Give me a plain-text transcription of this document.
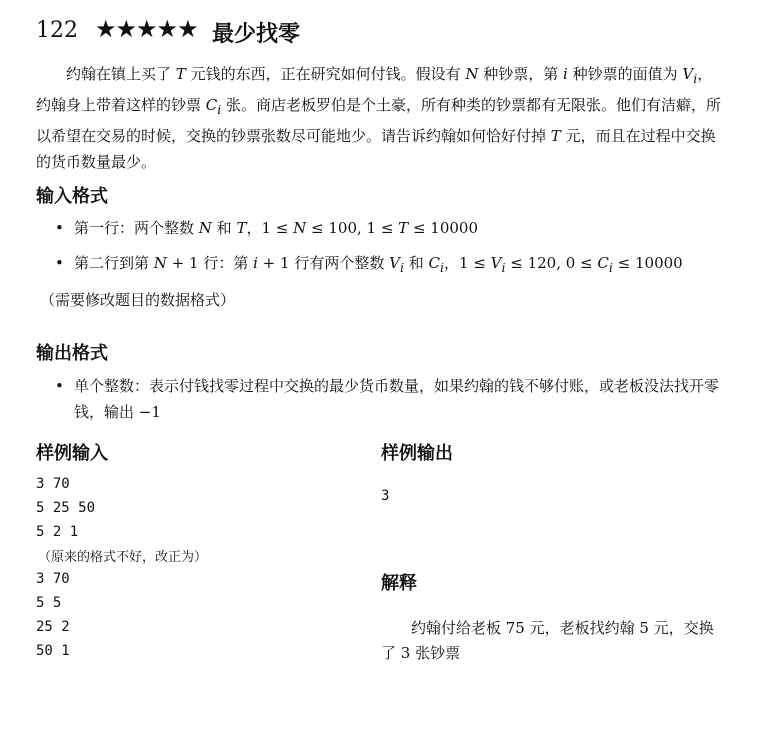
122 ★★★★★ 最少找零
约翰在镇上买了 T 元钱的东西，正在研究如何付钱。假设有 N 种钞票，第 i 种钞票的面值为 $V_i$，约翰身上带着这样的钞票 $C_i$ 张。商店老板罗伯是个土豪，所有种类的钞票都有无限张。他们有洁癖，所以希望在交易的时候，交换的钞票张数尽可能地少。请告诉约翰如何恰好付掉 T 元，而且在过程中交换的货币数量最少。
输入格式
• 第一行：两个整数 N 和 T，1 ≤ N ≤ 100, 1 ≤ T ≤ 10000
• 第二行到第 N + 1 行：第 i + 1 行有两个整数 $V_i$ 和 $C_i$，$1 \le V_i \le 120$, $0 \le C_i \le 10000$
（需要修改题目的数据格式）
输出格式
• 单个整数：表示付钱找零过程中交换的最少货币数量，如果约翰的钱不够付账，或老板没法找开零钱，输出 −1
样例输入	样例输出
3 70
5 25 50
5 2 1
（原来的格式不好，改正为）
3 70
5 5
25 2
50 1
3
解释
约翰付给老板 75 元，老板找约翰 5 元，交换了 3 张钞票
